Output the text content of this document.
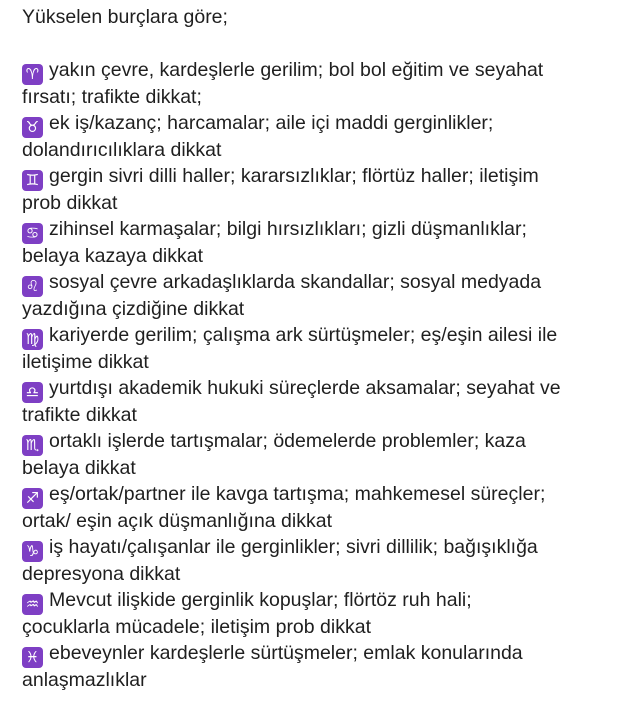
Yükselen burçlara göre;
♈ yakın çevre, kardeşlerle gerilim; bol bol eğitim ve seyahat
fırsatı; trafikte dikkat;
♉ ek iş/kazanç; harcamalar; aile içi maddi gerginlikler;
dolandırıcılıklara dikkat
♊ gergin sivri dilli haller; kararsızlıklar; flörtüz haller; iletişim
prob dikkat
♋ zihinsel karmaşalar; bilgi hırsızlıkları; gizli düşmanlıklar;
belaya kazaya dikkat
♌ sosyal çevre arkadaşlıklarda skandallar; sosyal medyada
yazdığına çizdiğine dikkat
♍ kariyerde gerilim; çalışma ark sürtüşmeler; eş/eşin ailesi ile
iletişime dikkat
♎ yurtdışı akademik hukuki süreçlerde aksamalar; seyahat ve
trafikte dikkat
♏ ortaklı işlerde tartışmalar; ödemelerde problemler; kaza
belaya dikkat
♐ eş/ortak/partner ile kavga tartışma; mahkemesel süreçler;
ortak/ eşin açık düşmanlığına dikkat
♑ iş hayatı/çalışanlar ile gerginlikler; sivri dillilik; bağışıklığa
depresyona dikkat
♒ Mevcut ilişkide gerginlik kopuşlar; flörtöz ruh hali;
çocuklarla mücadele; iletişim prob dikkat
♓ ebeveynler kardeşlerle sürtüşmeler; emlak konularında
anlaşmazlıklar
